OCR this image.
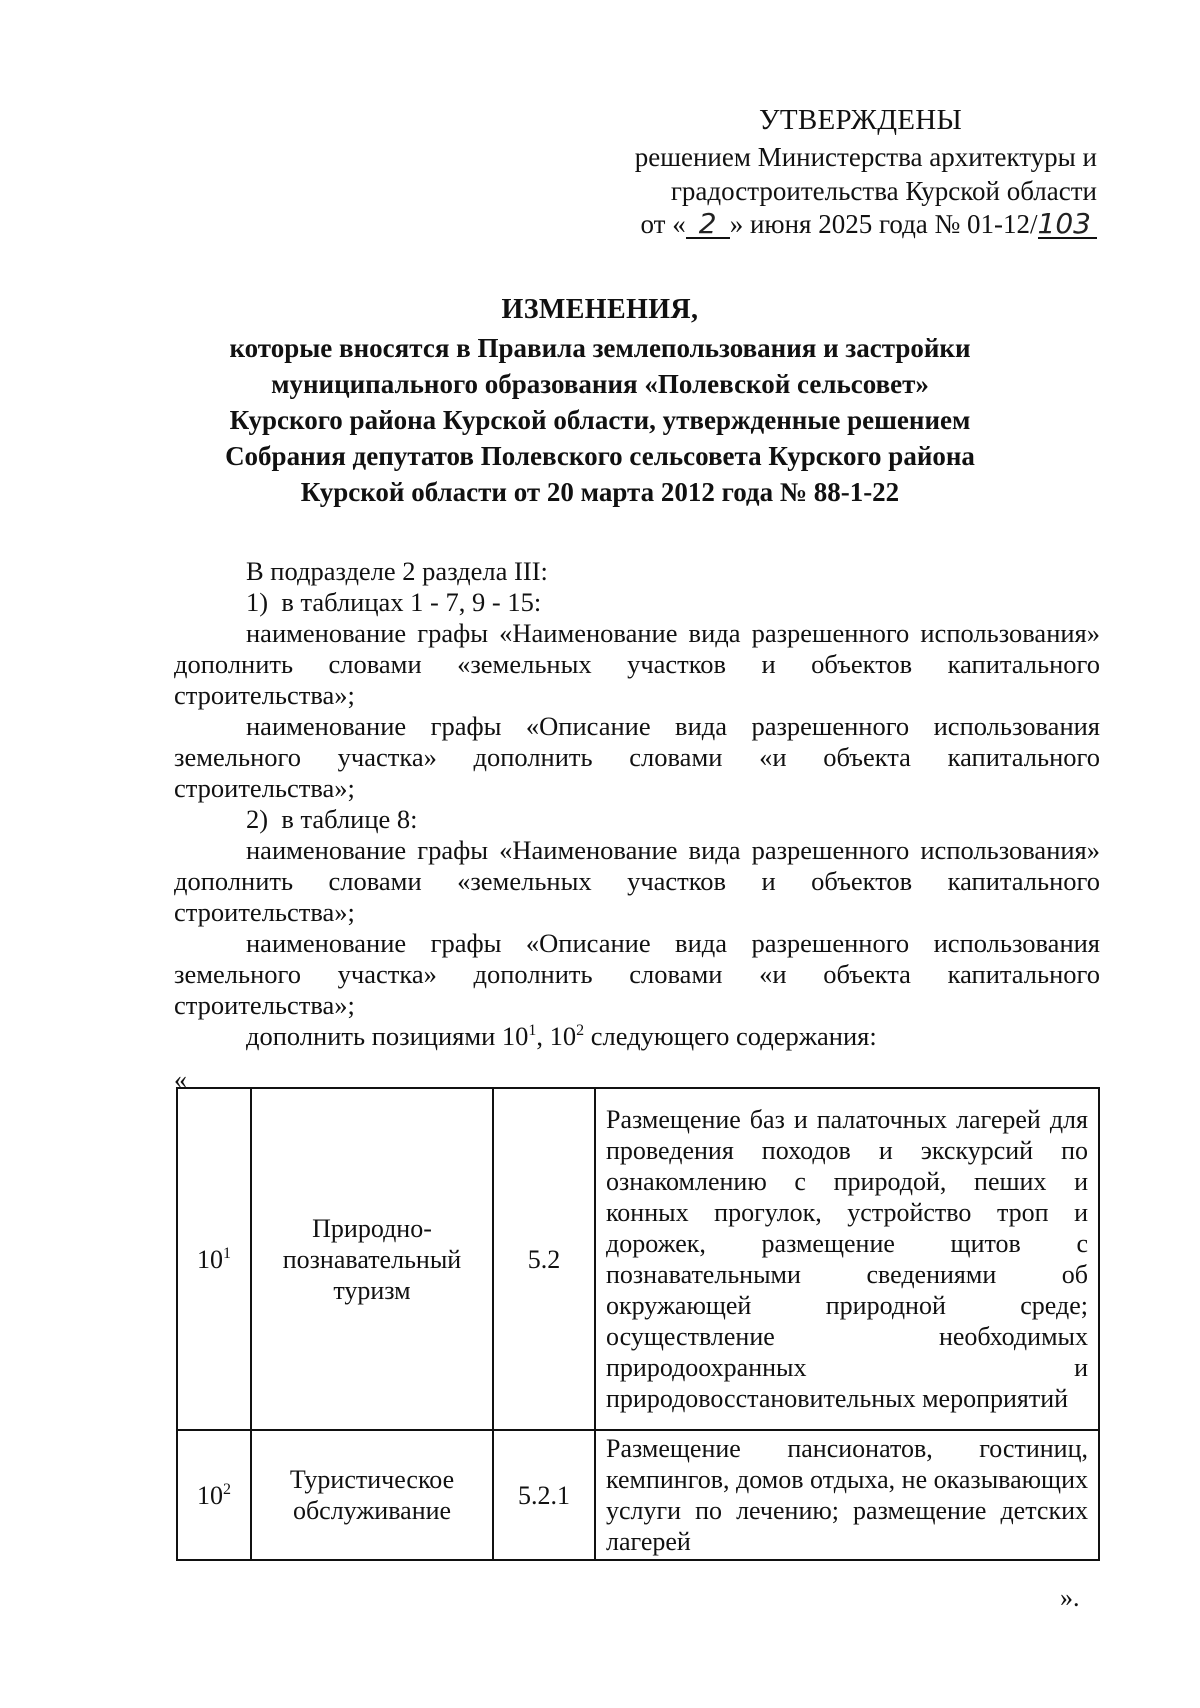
УТВЕРЖДЕНЫ
решением Министерства архитектуры и
градостроительства Курской области
от « 2 » июня 2025 года № 01-12/103
ИЗМЕНЕНИЯ,
которые вносятся в Правила землепользования и застройки
муниципального образования «Полевской сельсовет»
Курского района Курской области, утвержденные решением
Собрания депутатов Полевского сельсовета Курского района
Курской области от 20 марта 2012 года № 88-1-22

В подразделе 2 раздела III:

1)  в таблицах 1 - 7, 9 - 15:

наименование графы «Наименование вида разрешенного использования» дополнить словами «земельных участков и объектов капитального строительства»;

наименование графы «Описание вида разрешенного использования земельного участка» дополнить словами «и объекта капитального строительства»;

2)  в таблице 8:

наименование графы «Наименование вида разрешенного использования» дополнить словами «земельных участков и объектов капитального строительства»;

наименование графы «Описание вида разрешенного использования земельного участка» дополнить словами «и объекта капитального строительства»;

дополнить позициями $10^1$, $10^2$ следующего содержания:

«
$10^1$	Природно-познавательный туризм	5.2	Размещение баз и палаточных лагерей для проведения походов и экскурсий по ознакомлению с природой, пеших и конных прогулок, устройство троп и дорожек, размещение щитов с познавательными сведениями об окружающей природной среде; осуществление необходимых природоохранных и природовосстановительных мероприятий
$10^2$	Туристическое обслуживание	5.2.1	Размещение пансионатов, гостиниц, кемпингов, домов отдыха, не оказывающих услуги по лечению; размещение детских лагерей
».
